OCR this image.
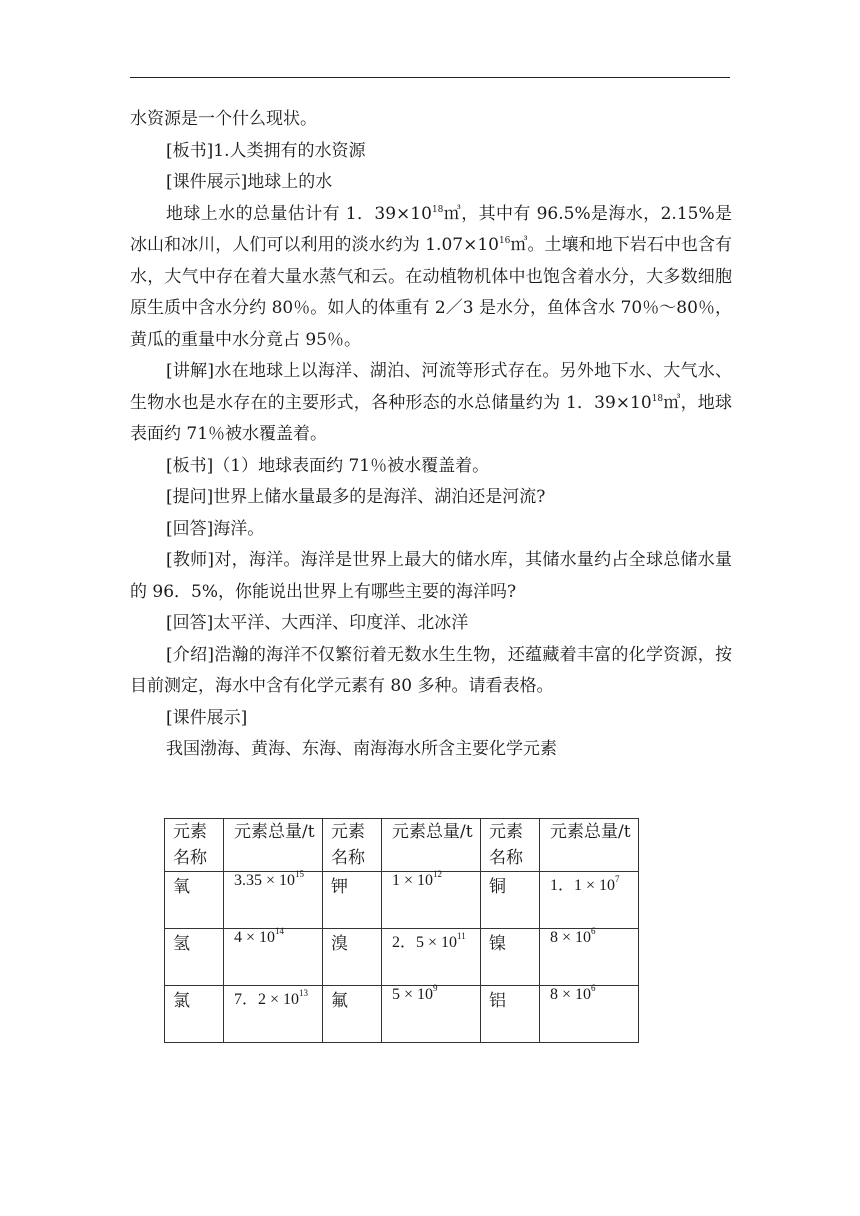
水资源是一个什么现状。

[板书]1.人类拥有的水资源

[课件展示]地球上的水

地球上水的总量估计有 1．$39\times 10^{18}㎥$，其中有 96.5%是海水，2.15%是冰山和冰川，人们可以利用的淡水约为 $1.07\times 10^{16}㎥$。土壤和地下岩石中也含有水，大气中存在着大量水蒸气和云。在动植物机体中也饱含着水分，大多数细胞原生质中含水分约 80％。如人的体重有 2／3 是水分，鱼体含水 70％～80％，黄瓜的重量中水分竟占 95％。

[讲解]水在地球上以海洋、湖泊、河流等形式存在。另外地下水、大气水、生物水也是水存在的主要形式，各种形态的水总储量约为 1．$39\times 10^{18}㎥$，地球表面约 71％被水覆盖着。

[板书]（1）地球表面约 71％被水覆盖着。

[提问]世界上储水量最多的是海洋、湖泊还是河流?

[回答]海洋。

[教师]对，海洋。海洋是世界上最大的储水库，其储水量约占全球总储水量的 96．5%，你能说出世界上有哪些主要的海洋吗?

[回答]太平洋、大西洋、印度洋、北冰洋

[介绍]浩瀚的海洋不仅繁衍着无数水生生物，还蕴藏着丰富的化学资源，按目前测定，海水中含有化学元素有 80 多种。请看表格。

[课件展示]

我国渤海、黄海、东海、南海海水所含主要化学元素

元素名称	元素总量/t	元素名称	元素总量/t	元素名称	元素总量/t
氧	$3.35 \times 10^{15}$	钾	$1 \times 10^{12}$	铜	1．$1 \times 10^7$
氢	$4 \times 10^{14}$	溴	2．$5 \times 10^{11}$	镍	$8 \times 10^6$
氯	7．$2 \times 10^{13}$	氟	$5 \times 10^9$	铝	$8 \times 10^6$
